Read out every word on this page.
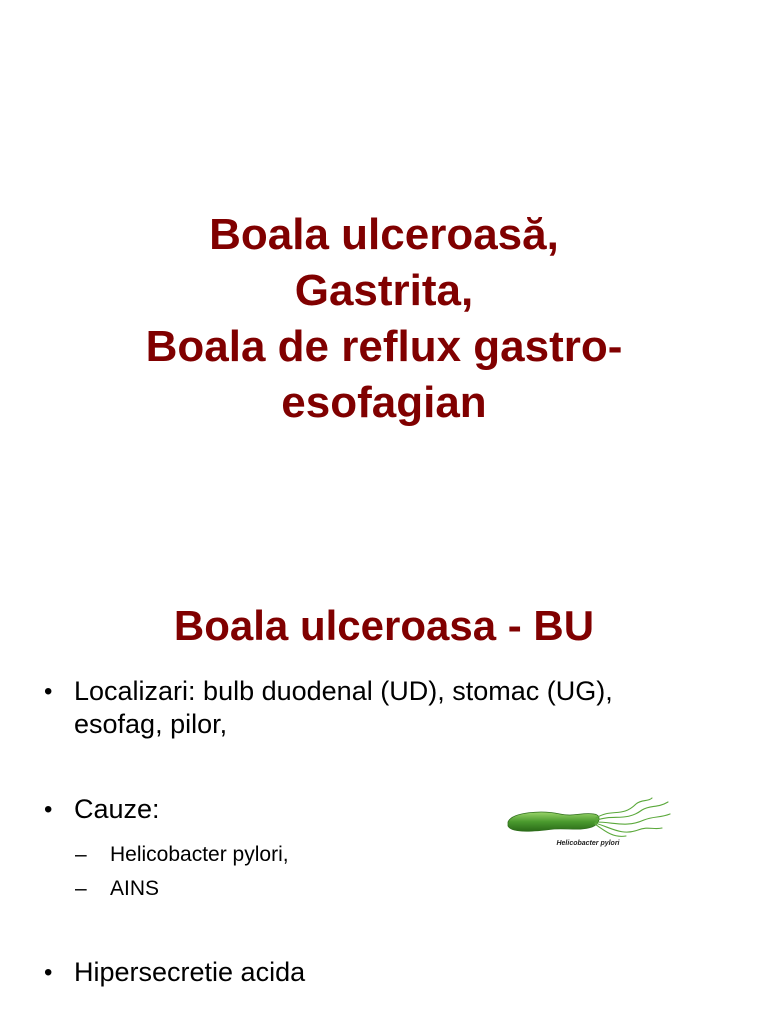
Boala ulceroasă,
Gastrita,
Boala de reflux gastro-
esofagian
Boala ulceroasa - BU
• Localizari: bulb duodenal (UD), stomac (UG), esofag, pilor,
• Cauze:
– Helicobacter pylori,
– AINS
• Hipersecretie acida
Helicobacter pylori
